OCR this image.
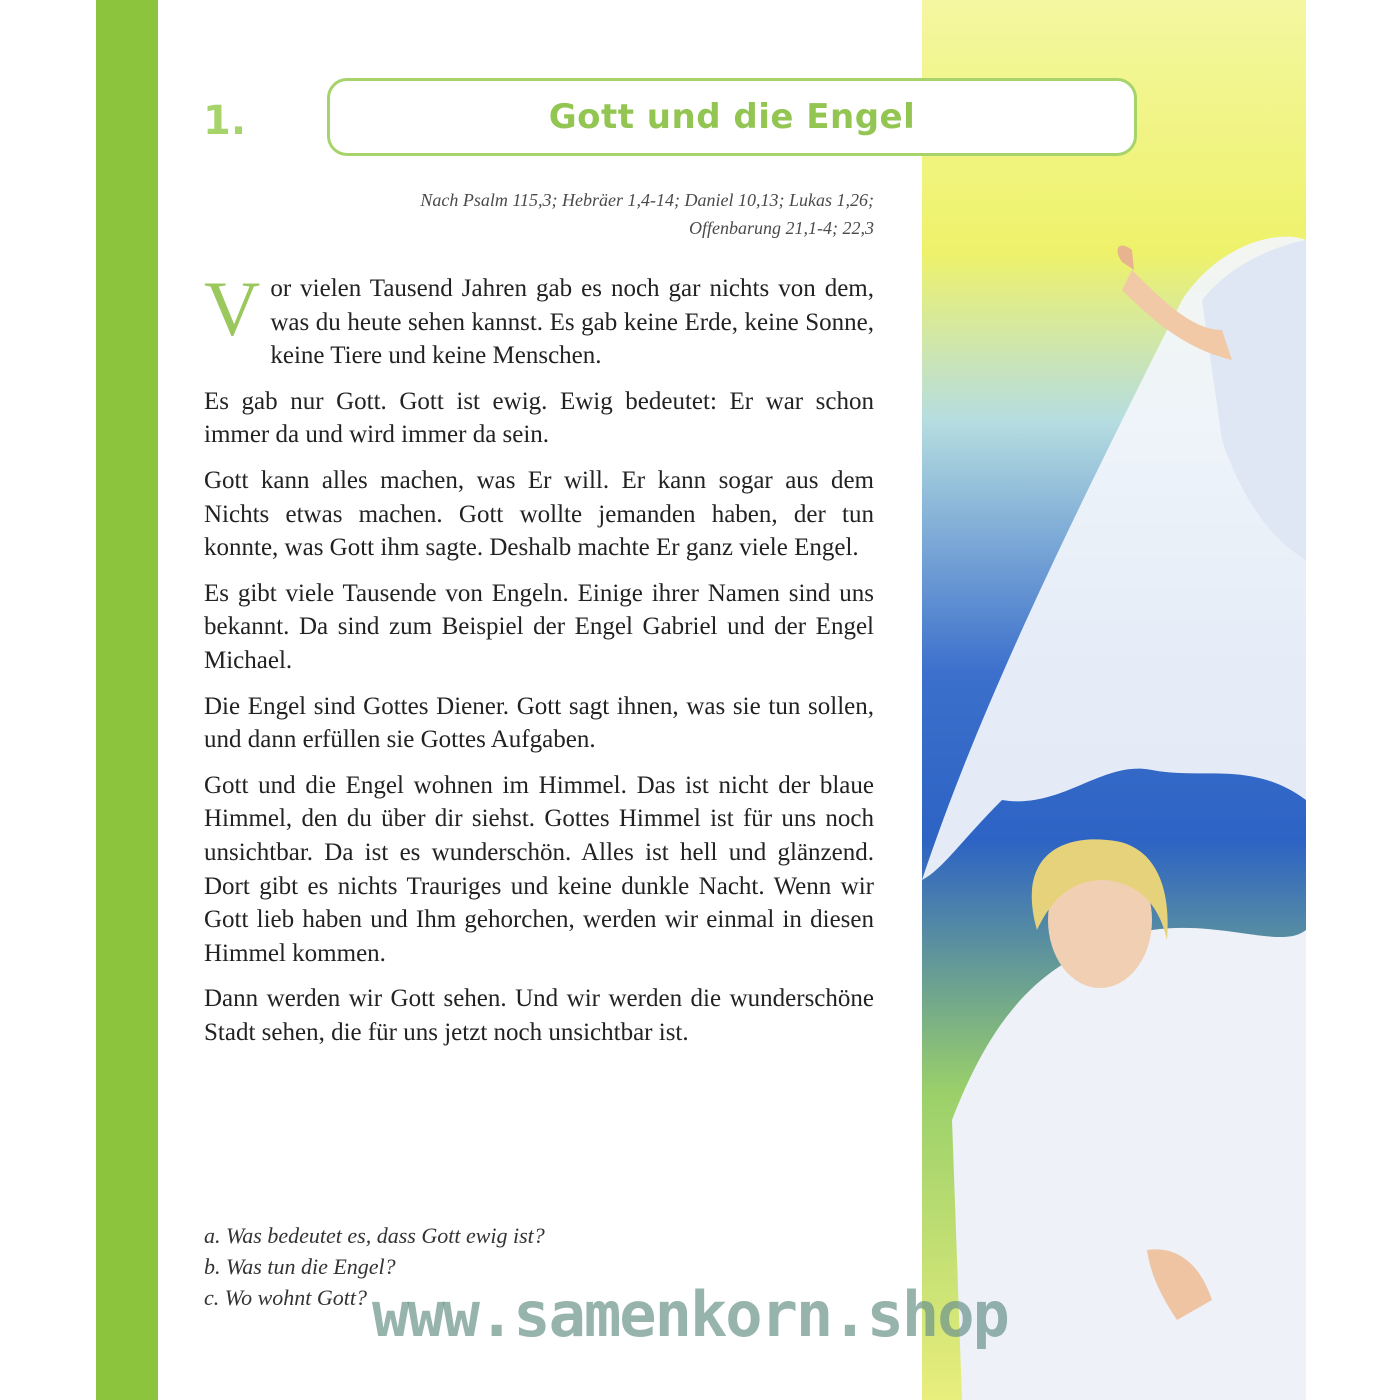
1.	Gott und die Engel
Nach Psalm 115,3; Hebräer 1,4-14; Daniel 10,13; Lukas 1,26;
Offenbarung 21,1-4; 22,3

Vor vielen Tausend Jahren gab es noch gar nichts von dem, was du heute sehen kannst. Es gab keine Erde, keine Sonne, keine Tiere und keine Menschen.

Es gab nur Gott. Gott ist ewig. Ewig bedeutet: Er war schon immer da und wird immer da sein.

Gott kann alles machen, was Er will. Er kann sogar aus dem Nichts etwas machen. Gott wollte jemanden haben, der tun konnte, was Gott ihm sagte. Deshalb machte Er ganz viele Engel.

Es gibt viele Tausende von Engeln. Einige ihrer Namen sind uns bekannt. Da sind zum Beispiel der Engel Gabriel und der Engel Michael.

Die Engel sind Gottes Diener. Gott sagt ihnen, was sie tun sollen, und dann erfüllen sie Gottes Aufgaben.

Gott und die Engel wohnen im Himmel. Das ist nicht der blaue Himmel, den du über dir siehst. Gottes Himmel ist für uns noch unsichtbar. Da ist es wunderschön. Alles ist hell und glänzend. Dort gibt es nichts Trauriges und keine dunkle Nacht. Wenn wir Gott lieb haben und Ihm gehorchen, werden wir einmal in diesen Himmel kommen.

Dann werden wir Gott sehen. Und wir werden die wunderschöne Stadt sehen, die für uns jetzt noch unsichtbar ist.

a. Was bedeutet es, dass Gott ewig ist?
b. Was tun die Engel?
c. Wo wohnt Gott? www.samenkorn.shop
